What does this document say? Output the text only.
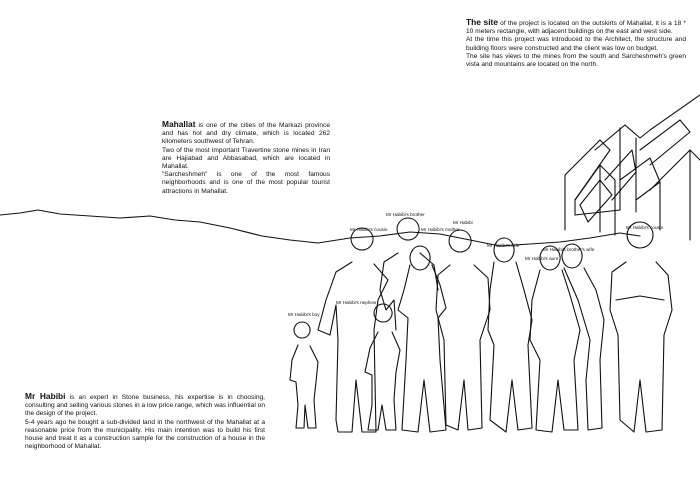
The site of the project is located on the outskirts of Mahallat, it is a 18 * 10 meters rectangle, with adjacent buildings on the east and west side.

At the time this project was introduced to the Architect, the structure and building floors were constructed and the client was low on budget.

The site has views to the mines from the south and Sarcheshmeh's green vista and mountains are located on the north.

Mahallat is one of the cities of the Markazi province and has hot and dry climate, which is located 262 kilometers southwest of Tehran.

Two of the most important Travertine stone mines in Iran are Hajiabad and Abbasabad, which are located in Mahallat.

"Sarcheshmeh" is one of the most famous neighborhoods and is one of the most popular tourist attractions in Mahallat.

Mr Habibi is an expert in Stone business, his expertise is in choosing, consulting and selling various stones in a low price range, which was influential on the design of the project.

5-4 years ago he bought a sub-divided land in the northwest of the Mahallat at a reasonable price from the municipality. His main intention was to build his first house and treat it as a construction sample for the construction of a house in the neighborhood of Mahallat.

Mr Habibi's brother
Mr Habibi
Mr Habibi's cousin	Mr Habibi's mother
Mr Habibi's wife
Mr Habibi's brother's wife
Mr Habibi's cousin
Mr Habibi's aunt
Mr Habibi's nephew
Mr Habibi's boy
